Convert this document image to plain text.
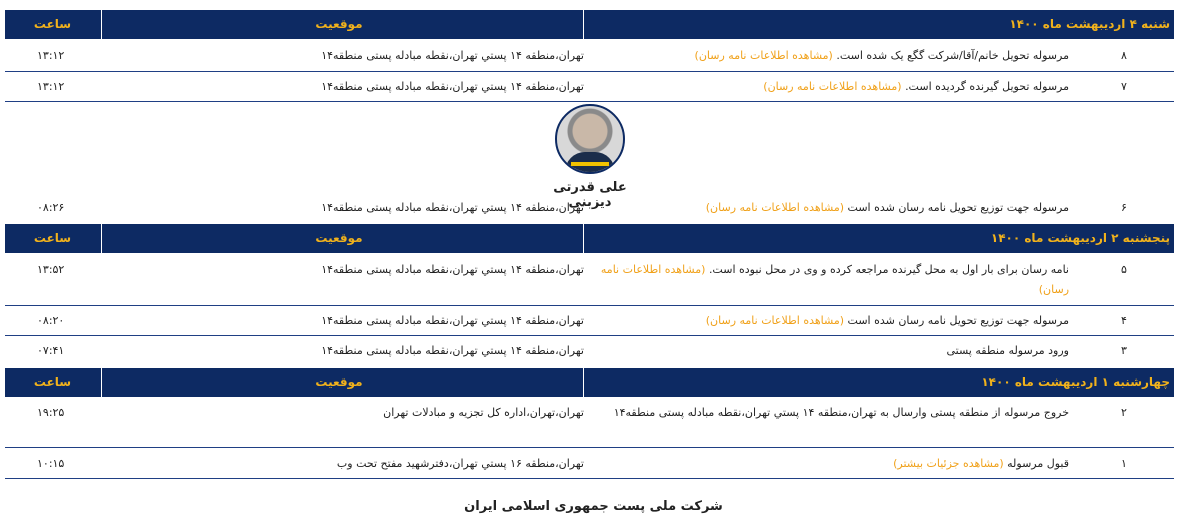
شنبه ۴ اردیبهشت ماه ۱۴۰۰
موقعیت
ساعت
۸
مرسوله تحویل خانم/آقا/شرکت گگع یک شده است. (مشاهده اطلاعات نامه رسان)
تهران،منطقه ۱۴ پستي تهران،نقطه مبادله پستی منطقه۱۴
۱۳:۱۲
۷
مرسوله تحویل گیرنده گردیده است. (مشاهده اطلاعات نامه رسان)
تهران،منطقه ۱۴ پستي تهران،نقطه مبادله پستی منطقه۱۴
۱۳:۱۲
علی قدرتی دیزبنی	۶
مرسوله جهت توزیع تحویل نامه رسان شده است (مشاهده اطلاعات نامه رسان)
تهران،منطقه ۱۴ پستي تهران،نقطه مبادله پستی منطقه۱۴
۰۸:۲۶
پنجشنبه ۲ اردیبهشت ماه ۱۴۰۰
موقعیت
ساعت
۵
نامه رسان برای بار اول به محل گیرنده مراجعه کرده و وی در محل نبوده است. (مشاهده اطلاعات نامه رسان)
تهران،منطقه ۱۴ پستي تهران،نقطه مبادله پستی منطقه۱۴
۱۳:۵۲
۴
مرسوله جهت توزیع تحویل نامه رسان شده است (مشاهده اطلاعات نامه رسان)
تهران،منطقه ۱۴ پستي تهران،نقطه مبادله پستی منطقه۱۴
۰۸:۲۰
۳
ورود مرسوله منطقه پستی
تهران،منطقه ۱۴ پستي تهران،نقطه مبادله پستی منطقه۱۴
۰۷:۴۱
چهارشنبه ۱ اردیبهشت ماه ۱۴۰۰
موقعیت
ساعت
۲
خروج مرسوله از منطقه پستی وارسال به تهران،منطقه ۱۴ پستي تهران،نقطه مبادله پستی منطقه۱۴
تهران،تهران،اداره کل تجزیه و مبادلات تهران
۱۹:۲۵
۱
قبول مرسوله (مشاهده جزئیات بیشتر)
تهران،منطقه ۱۶ پستي تهران،دفترشهید مفتح تحت وب
۱۰:۱۵
شرکت ملی پست جمهوری اسلامی ایران
